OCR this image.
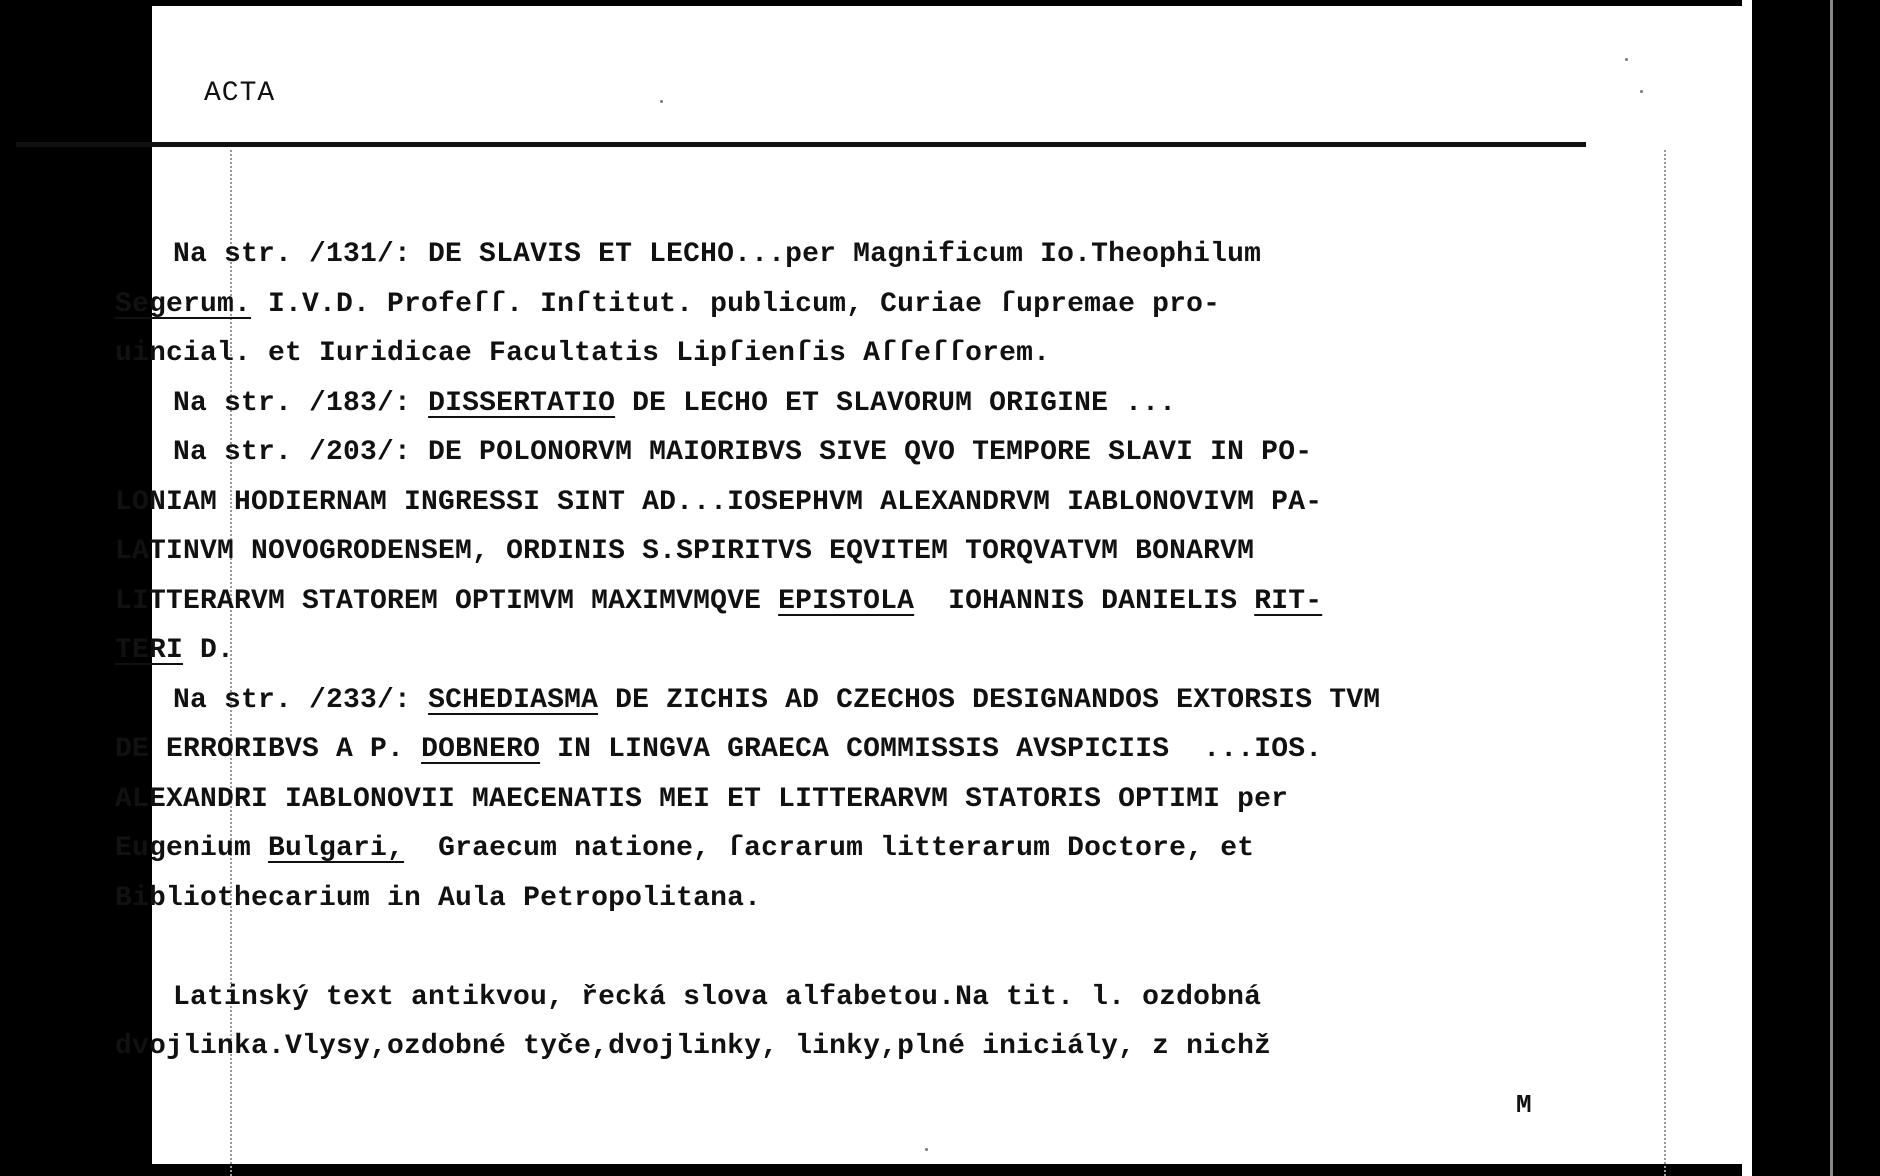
ACTA
Na str. /131/: DE SLAVIS ET LECHO...per Magnificum Io.Theophilum
Segerum. I.V.D. Profeſſ. Inſtitut. publicum, Curiae ſupremae pro-
uincial. et Iuridicae Facultatis Lipſienſis Aſſeſſorem.
Na str. /183/: DISSERTATIO DE LECHO ET SLAVORUM ORIGINE ...
Na str. /203/: DE POLONORVM MAIORIBVS SIVE QVO TEMPORE SLAVI IN PO-
LONIAM HODIERNAM INGRESSI SINT AD...IOSEPHVM ALEXANDRVM IABLONOVIVM PA-
LATINVM NOVOGRODENSEM, ORDINIS S.SPIRITVS EQVITEM TORQVATVM BONARVM
LITTERARVM STATOREM OPTIMVM MAXIMVMQVE EPISTOLA  IOHANNIS DANIELIS RIT-
TERI D.
Na str. /233/: SCHEDIASMA DE ZICHIS AD CZECHOS DESIGNANDOS EXTORSIS TVM
DE ERRORIBVS A P. DOBNERO IN LINGVA GRAECA COMMISSIS AVSPICIIS  ...IOS.
ALEXANDRI IABLONOVII MAECENATIS MEI ET LITTERARVM STATORIS OPTIMI per
Eugenium Bulgari,  Graecum natione, ſacrarum litterarum Doctore, et
Bibliothecarium in Aula Petropolitana.
Latinský text antikvou, řecká slova alfabetou.Na tit. l. ozdobná
dvojlinka.Vlysy,ozdobné tyče,dvojlinky, linky,plné iniciály, z nichž
M
